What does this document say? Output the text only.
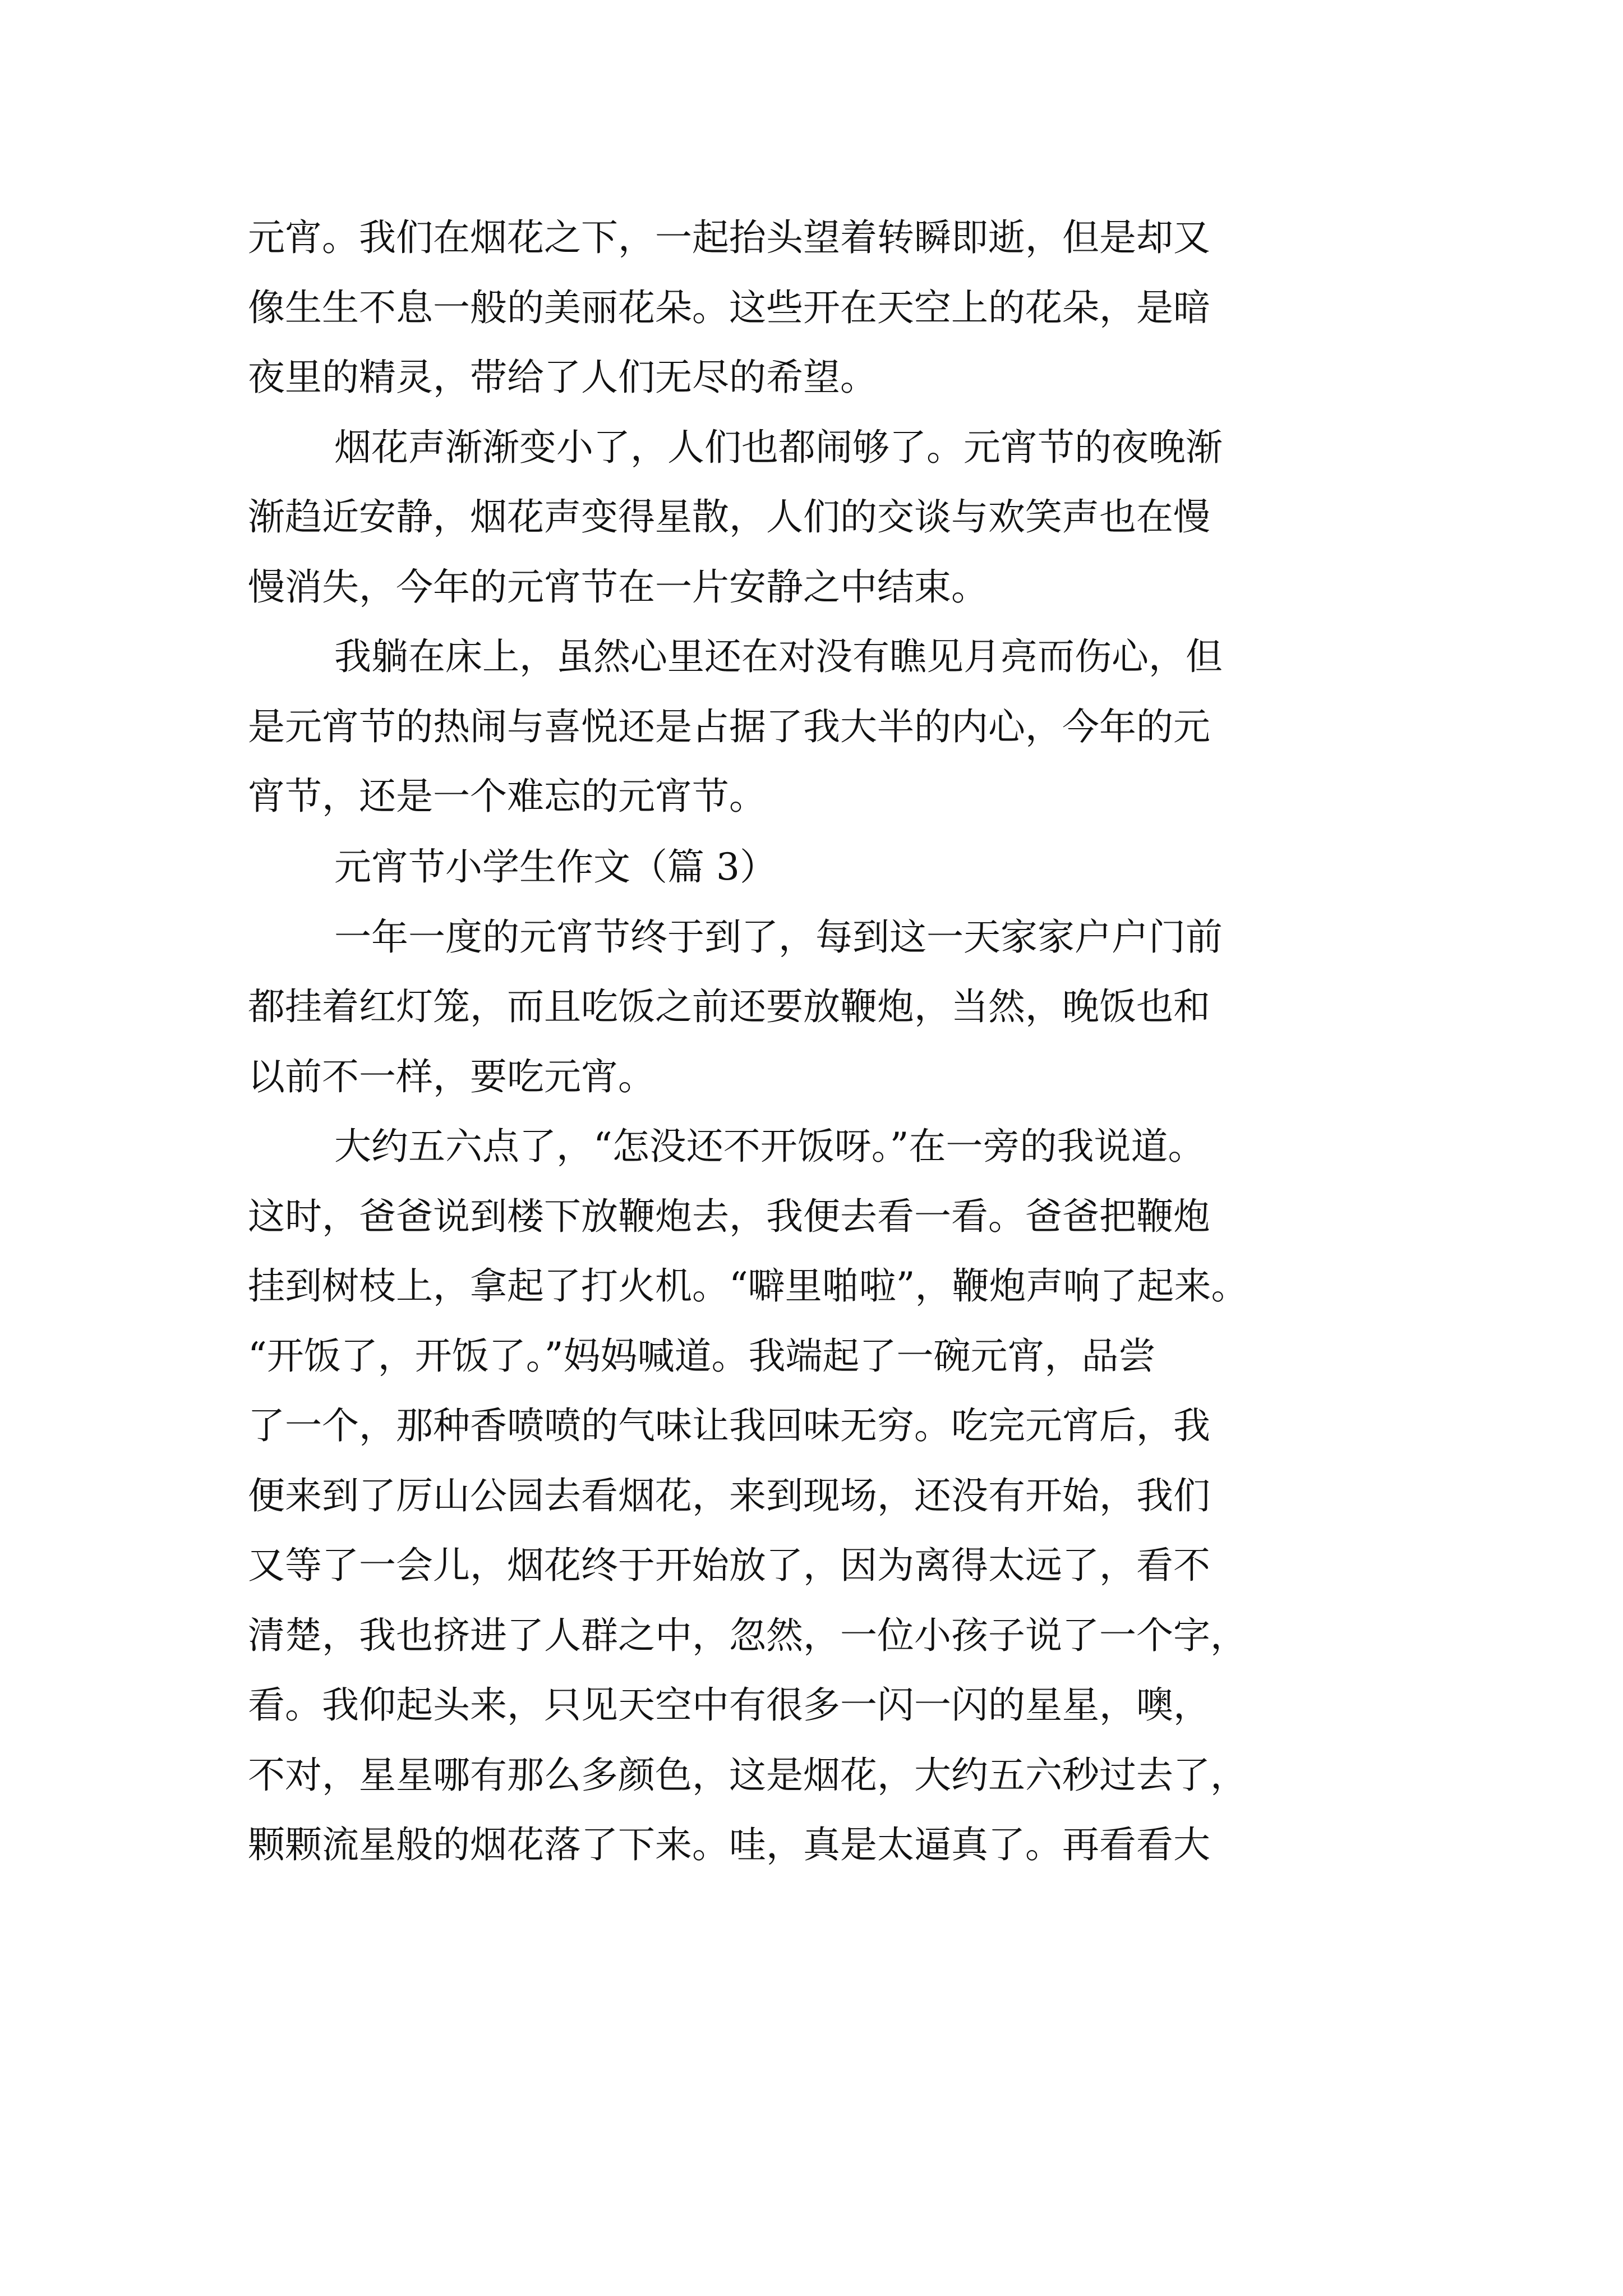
元宵。我们在烟花之下，一起抬头望着转瞬即逝，但是却又
像生生不息一般的美丽花朵。这些开在天空上的花朵，是暗
夜里的精灵，带给了人们无尽的希望。
烟花声渐渐变小了，人们也都闹够了。元宵节的夜晚渐
渐趋近安静，烟花声变得星散，人们的交谈与欢笑声也在慢
慢消失，今年的元宵节在一片安静之中结束。
我躺在床上，虽然心里还在对没有瞧见月亮而伤心，但
是元宵节的热闹与喜悦还是占据了我大半的内心，今年的元
宵节，还是一个难忘的元宵节。
元宵节小学生作文（篇 3）
一年一度的元宵节终于到了，每到这一天家家户户门前
都挂着红灯笼，而且吃饭之前还要放鞭炮，当然，晚饭也和
以前不一样，要吃元宵。
大约五六点了，“怎没还不开饭呀。”在一旁的我说道。
这时，爸爸说到楼下放鞭炮去，我便去看一看。爸爸把鞭炮
挂到树枝上，拿起了打火机。“噼里啪啦”，鞭炮声响了起来。
“开饭了，开饭了。”妈妈喊道。我端起了一碗元宵，品尝
了一个，那种香喷喷的气味让我回味无穷。吃完元宵后，我
便来到了厉山公园去看烟花，来到现场，还没有开始，我们
又等了一会儿，烟花终于开始放了，因为离得太远了，看不
清楚，我也挤进了人群之中，忽然，一位小孩子说了一个字，
看。我仰起头来，只见天空中有很多一闪一闪的星星，噢，
不对，星星哪有那么多颜色，这是烟花，大约五六秒过去了，
颗颗流星般的烟花落了下来。哇，真是太逼真了。再看看大
